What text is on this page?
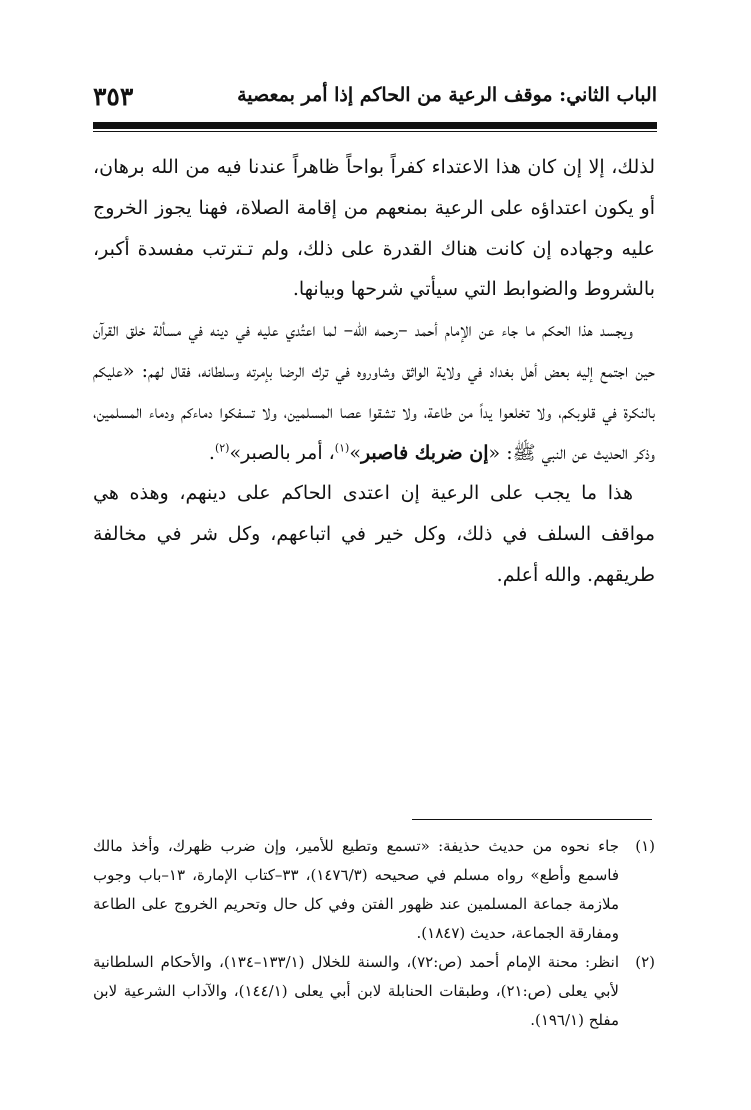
٣٥٣	الباب الثاني: موقف الرعية من الحاكم إذا أمر بمعصية

لذلك، إلا إن كان هذا الاعتداء كفراً بواحاً ظاهراً عندنا فيه من الله برهان، أو يكون اعتداؤه على الرعية بمنعهم من إقامة الصلاة، فهنا يجوز الخروج عليه وجهاده إن كانت هناك القدرة على ذلك، ولم تـترتب مفسدة أكبر، بالشروط والضوابط التي سيأتي شرحها وبيانها.

ويجسد هذا الحكم ما جاء عن الإمام أحمد –رحمه الله– لما اعتُدي عليه في دينه في مسألة خلق القرآن حين اجتمع إليه بعض أهل بغداد في ولاية الواثق وشاوروه في ترك الرضا بإمرته وسلطانه، فقال لهم: «عليكم بالنكرة في قلوبكم، ولا تخلعوا يداً من طاعة، ولا تشقوا عصا المسلمين، ولا تسفكوا دماءكم ودماء المسلمين، وذكر الحديث عن النبي ﷺ: «إن ضربك فاصبر»$^{(١)}$، أمر بالصبر»$^{(٢)}$.

هذا ما يجب على الرعية إن اعتدى الحاكم على دينهم، وهذه هي مواقف السلف في ذلك، وكل خير في اتباعهم، وكل شر في مخالفة طريقهم. والله أعلم.

(١)
جاء نحوه من حديث حذيفة: «تسمع وتطيع للأمير، وإن ضرب ظهرك، وأخذ مالك فاسمع وأطع» رواه مسلم في صحيحه (١٤٧٦/٣)، ٣٣–كتاب الإمارة، ١٣–باب وجوب ملازمة جماعة المسلمين عند ظهور الفتن وفي كل حال وتحريم الخروج على الطاعة ومفارقة الجماعة، حديث (١٨٤٧).
(٢)
انظر: محنة الإمام أحمد (ص:٧٢)، والسنة للخلال (١٣٣/١–١٣٤)، والأحكام السلطانية لأبي يعلى (ص:٢١)، وطبقات الحنابلة لابن أبي يعلى (١٤٤/١)، والآداب الشرعية لابن مفلح (١٩٦/١).
